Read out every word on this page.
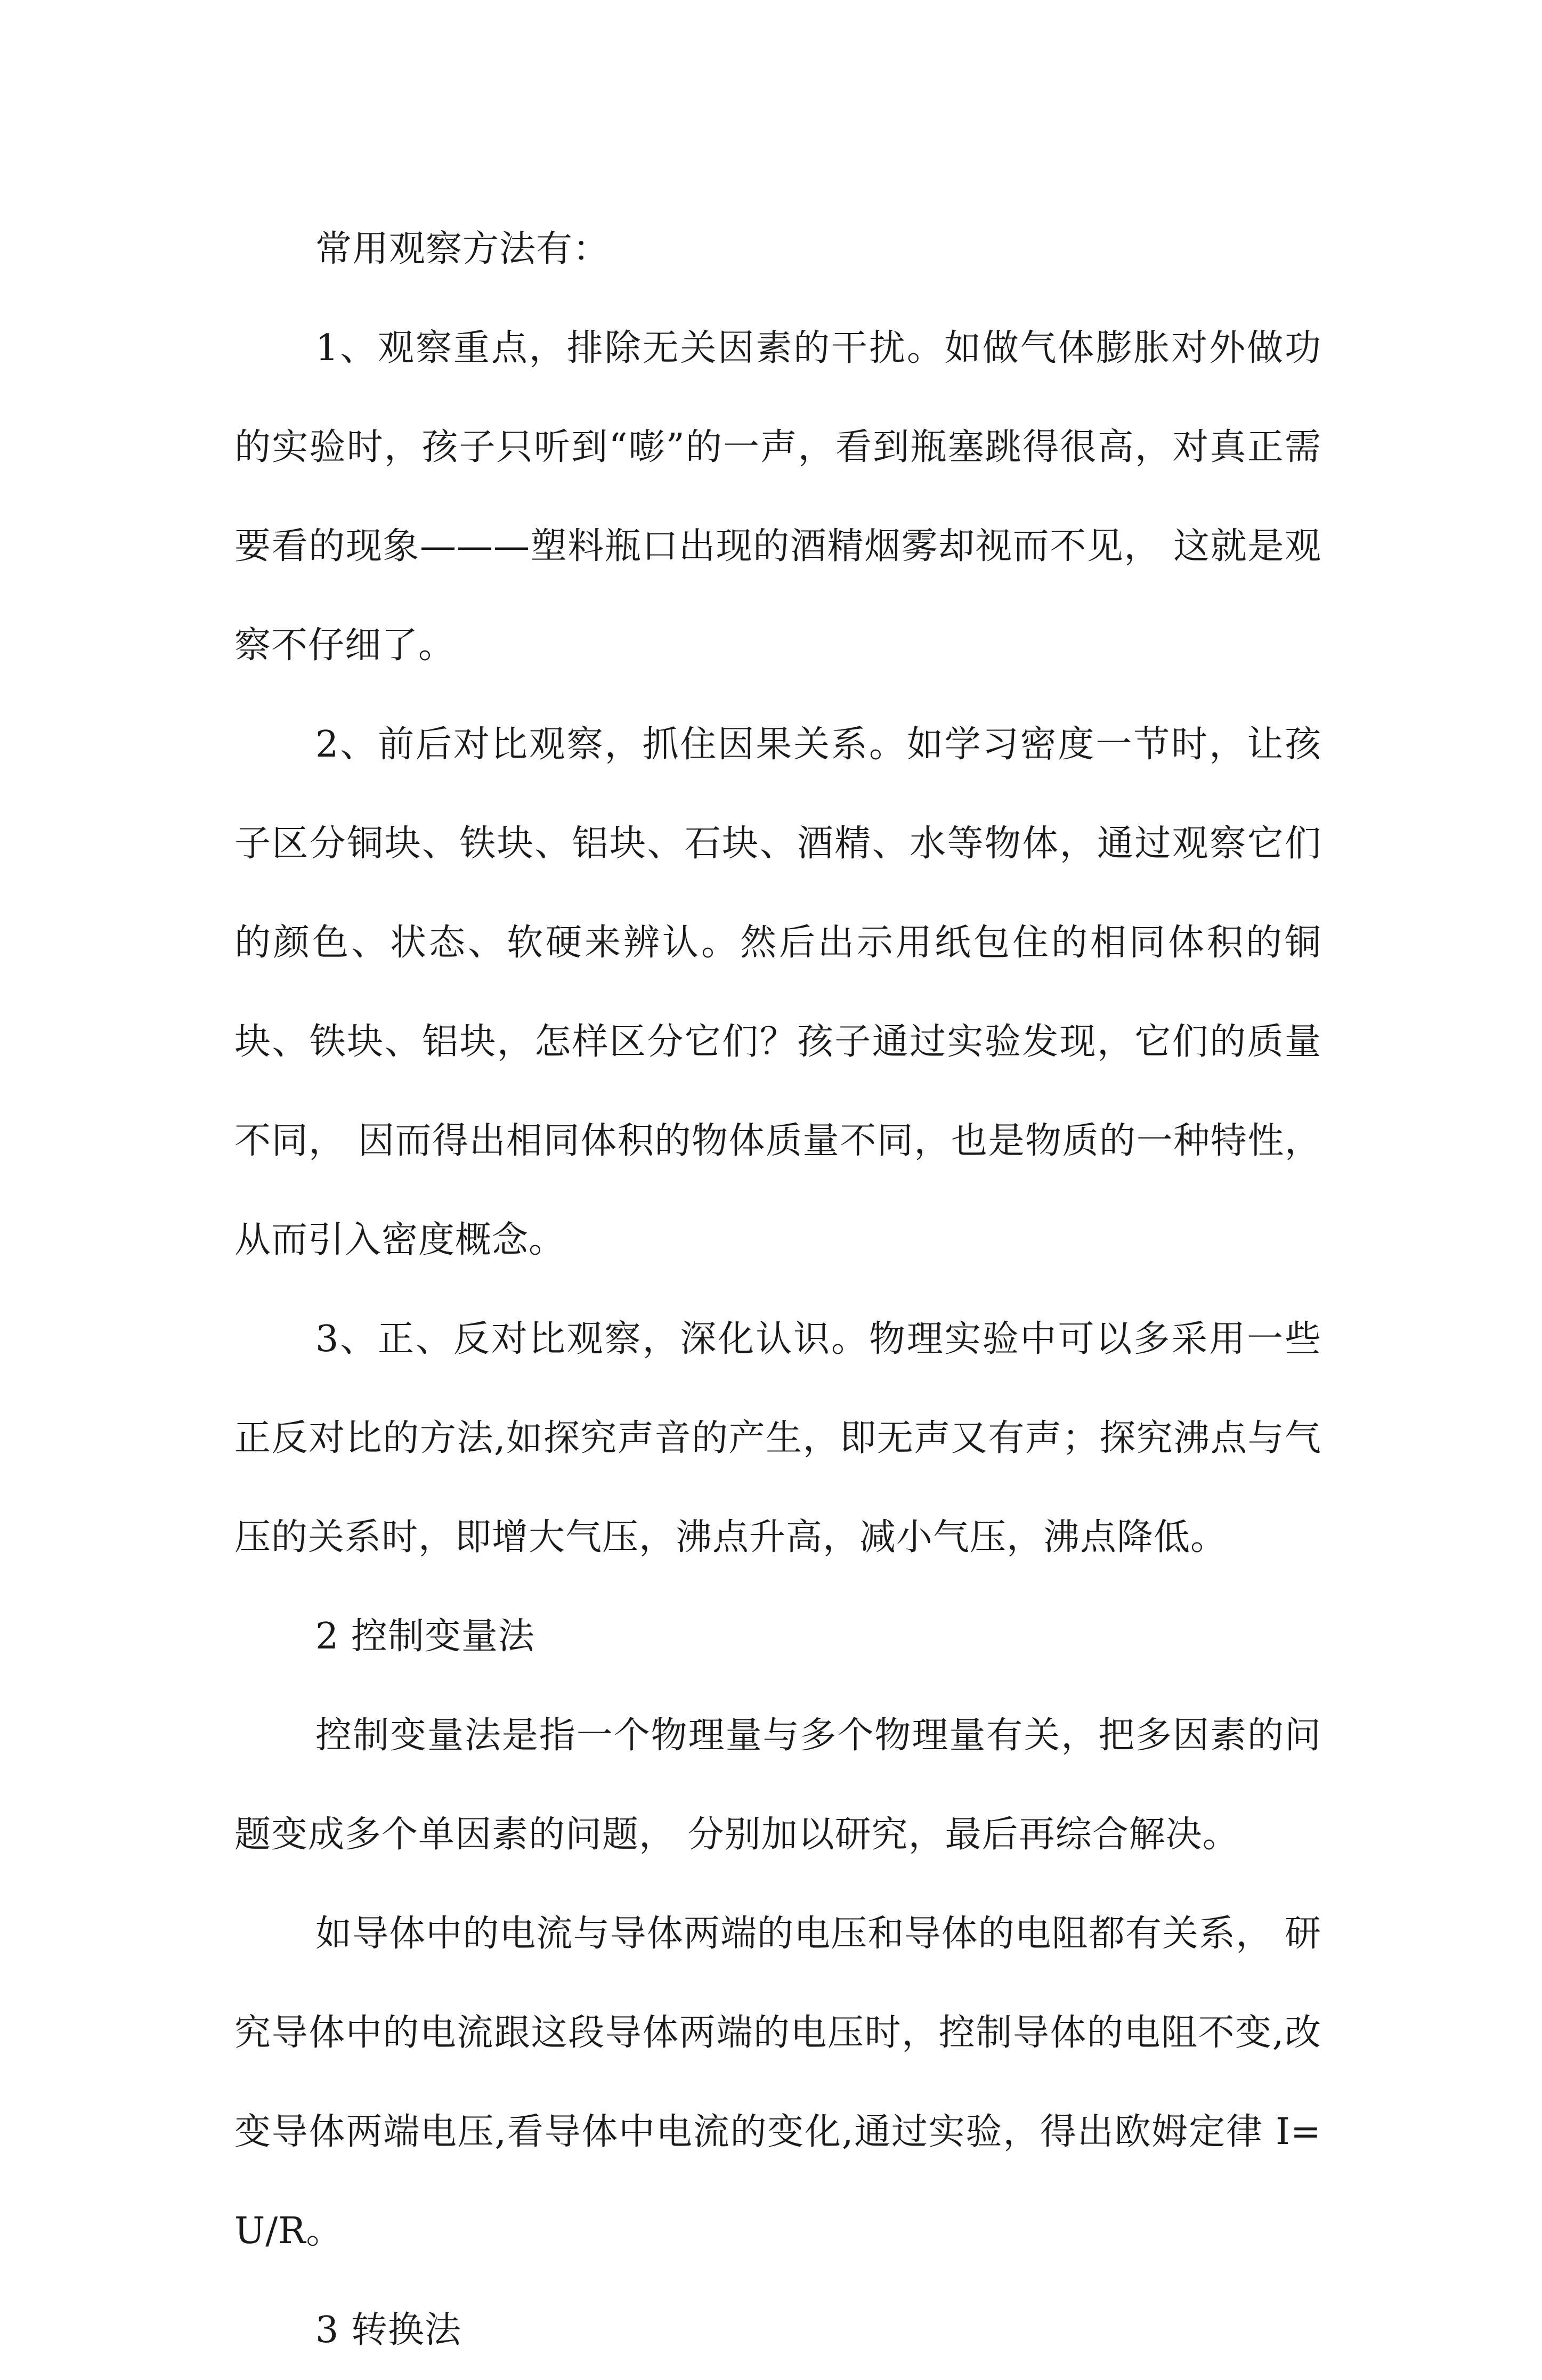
常用观察方法有：

1、观察重点，排除无关因素的干扰。如做气体膨胀对外做功的实验时，孩子只听到“嘭”的一声，看到瓶塞跳得很高，对真正需要看的现象———塑料瓶口出现的酒精烟雾却视而不见， 这就是观察不仔细了。

2、前后对比观察，抓住因果关系。如学习密度一节时，让孩子区分铜块、铁块、铝块、石块、酒精、水等物体，通过观察它们的颜色、状态、软硬来辨认。然后出示用纸包住的相同体积的铜块、铁块、铝块，怎样区分它们？孩子通过实验发现，它们的质量不同， 因而得出相同体积的物体质量不同，也是物质的一种特性，从而引入密度概念。

3、正、反对比观察，深化认识。物理实验中可以多采用一些正反对比的方法,如探究声音的产生，即无声又有声；探究沸点与气压的关系时，即增大气压，沸点升高，减小气压，沸点降低。

2 控制变量法

控制变量法是指一个物理量与多个物理量有关，把多因素的问题变成多个单因素的问题， 分别加以研究，最后再综合解决。

如导体中的电流与导体两端的电压和导体的电阻都有关系， 研究导体中的电流跟这段导体两端的电压时，控制导体的电阻不变,改变导体两端电压,看导体中电流的变化,通过实验，得出欧姆定律 I=U/R。

3 转换法
